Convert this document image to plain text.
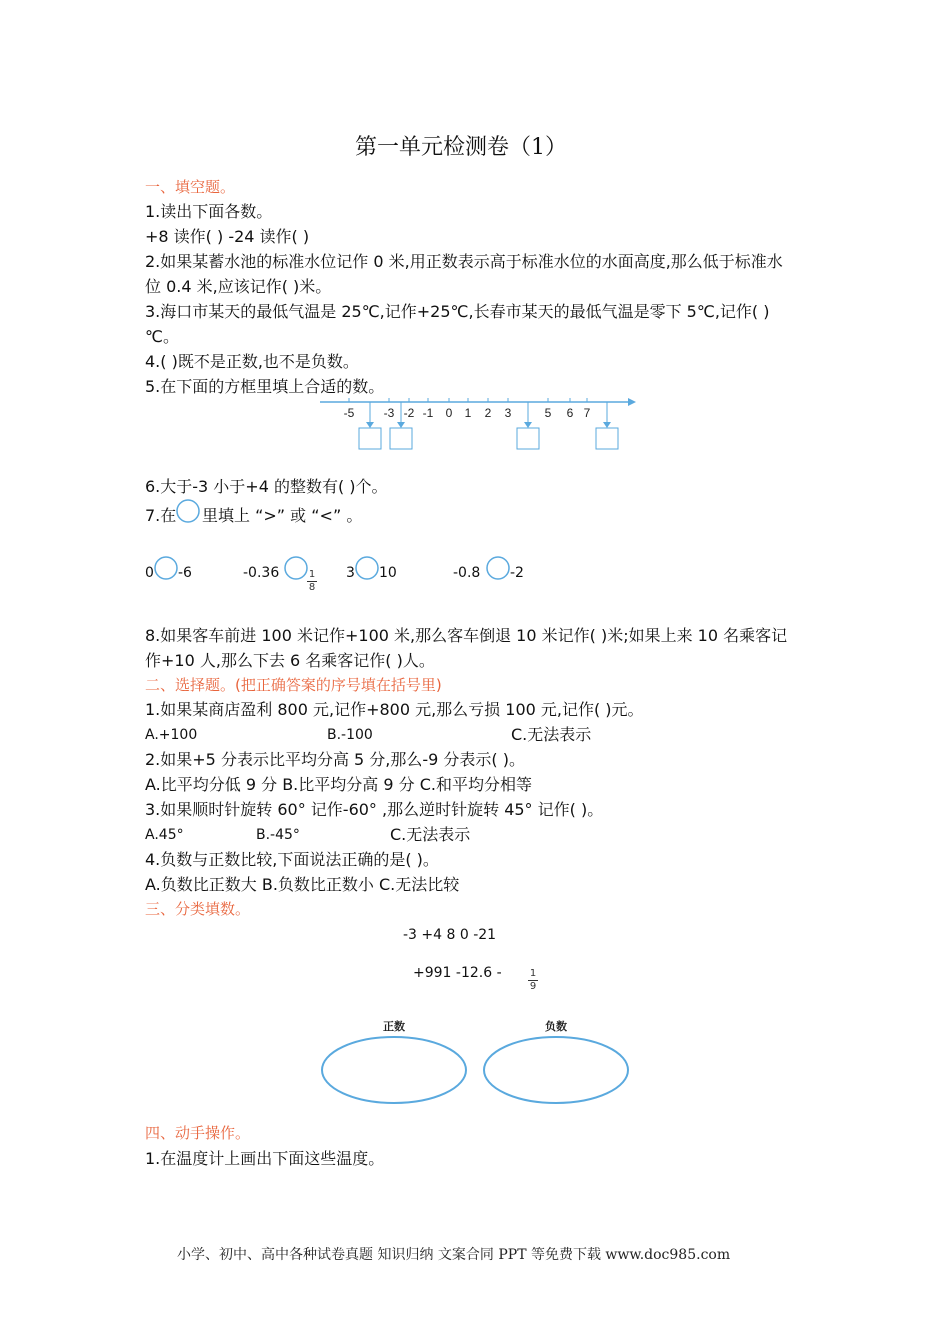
第一单元检测卷（1）
一、填空题。
1.读出下面各数。
+8 读作( ) -24 读作( )
2.如果某蓄水池的标准水位记作 0 米,用正数表示高于标准水位的水面高度,那么低于标准水
位 0.4 米,应该记作( )米。
3.海口市某天的最低气温是 25℃,记作+25℃,长春市某天的最低气温是零下 5℃,记作( )
℃。
4.( )既不是正数,也不是负数。
5.在下面的方框里填上合适的数。
-5 -3 -2 -1 0 1 2 3	5 6 7
6.大于-3 小于+4 的整数有( )个。
7.在 里填上 “>” 或 “<” 。
0 -6	-0.36	1
8
3 10	-0.8 -2
8.如果客车前进 100 米记作+100 米,那么客车倒退 10 米记作( )米;如果上来 10 名乘客记
作+10 人,那么下去 6 名乘客记作( )人。
二、选择题。(把正确答案的序号填在括号里)
1.如果某商店盈利 800 元,记作+800 元,那么亏损 100 元,记作( )元。
A.+100	B.-100	C.无法表示
2.如果+5 分表示比平均分高 5 分,那么-9 分表示( )。
A.比平均分低 9 分 B.比平均分高 9 分 C.和平均分相等
3.如果顺时针旋转 60° 记作-60° ,那么逆时针旋转 45° 记作( )。
A.45°	B.-45°	C.无法表示
4.负数与正数比较,下面说法正确的是( )。
A.负数比正数大 B.负数比正数小 C.无法比较
三、分类填数。
-3 +4 8 0 -21
+991 -12.6 -	1
9
正数	负数
四、动手操作。
1.在温度计上画出下面这些温度。
小学、初中、高中各种试卷真题 知识归纳 文案合同 PPT 等免费下载 www.doc985.com
